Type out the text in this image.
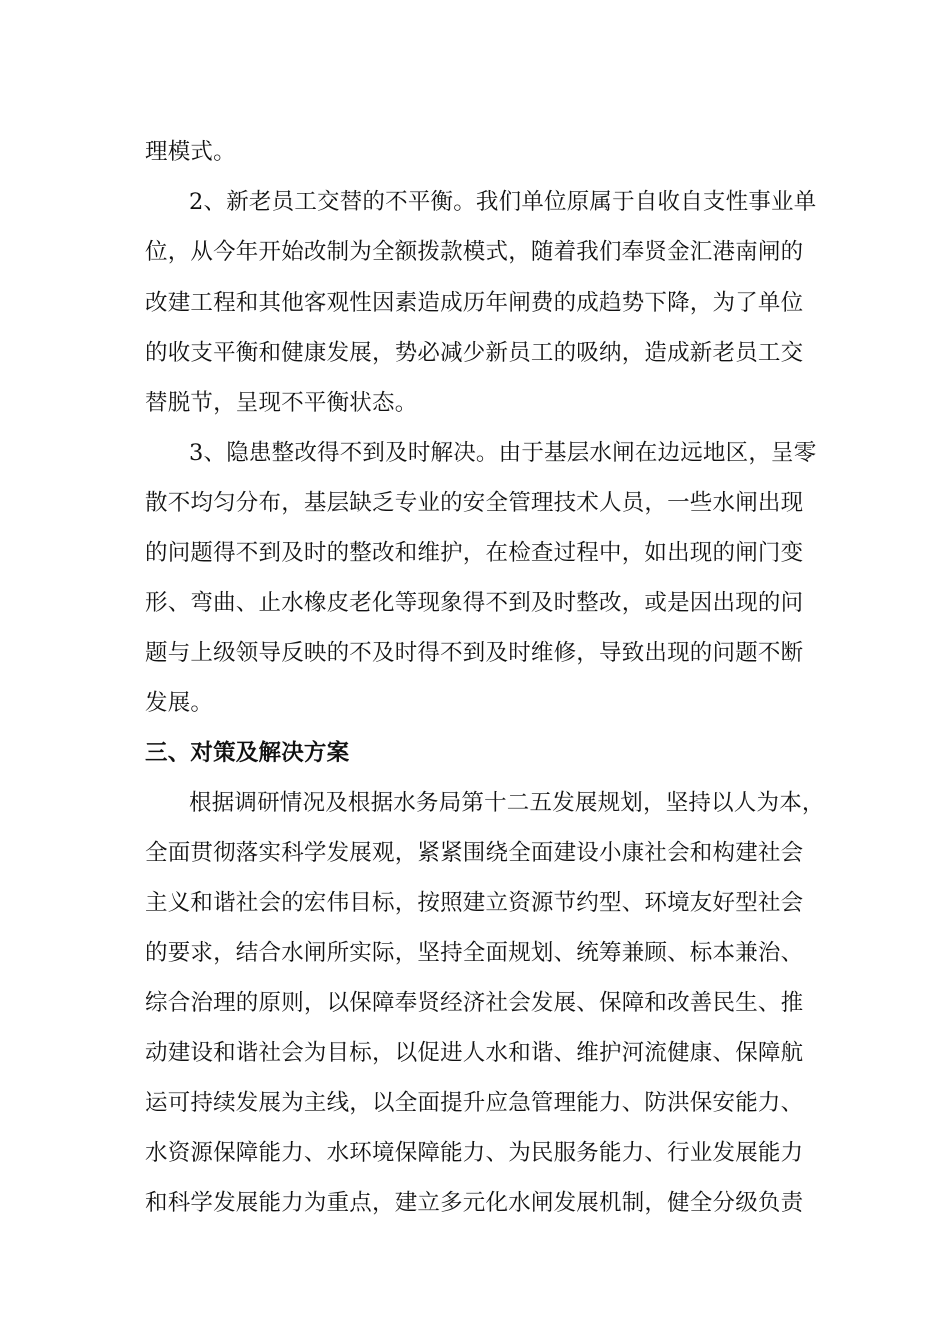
理模式。
2、新老员工交替的不平衡。我们单位原属于自收自支性事业单
位，从今年开始改制为全额拨款模式，随着我们奉贤金汇港南闸的
改建工程和其他客观性因素造成历年闸费的成趋势下降，为了单位
的收支平衡和健康发展，势必减少新员工的吸纳，造成新老员工交
替脱节，呈现不平衡状态。
3、隐患整改得不到及时解决。由于基层水闸在边远地区，呈零
散不均匀分布，基层缺乏专业的安全管理技术人员，一些水闸出现
的问题得不到及时的整改和维护，在检查过程中，如出现的闸门变
形、弯曲、止水橡皮老化等现象得不到及时整改，或是因出现的问
题与上级领导反映的不及时得不到及时维修，导致出现的问题不断
发展。
三、对策及解决方案
根据调研情况及根据水务局第十二五发展规划，坚持以人为本，
全面贯彻落实科学发展观，紧紧围绕全面建设小康社会和构建社会
主义和谐社会的宏伟目标，按照建立资源节约型、环境友好型社会
的要求，结合水闸所实际，坚持全面规划、统筹兼顾、标本兼治、
综合治理的原则，以保障奉贤经济社会发展、保障和改善民生、推
动建设和谐社会为目标，以促进人水和谐、维护河流健康、保障航
运可持续发展为主线，以全面提升应急管理能力、防洪保安能力、
水资源保障能力、水环境保障能力、为民服务能力、行业发展能力
和科学发展能力为重点，建立多元化水闸发展机制，健全分级负责
